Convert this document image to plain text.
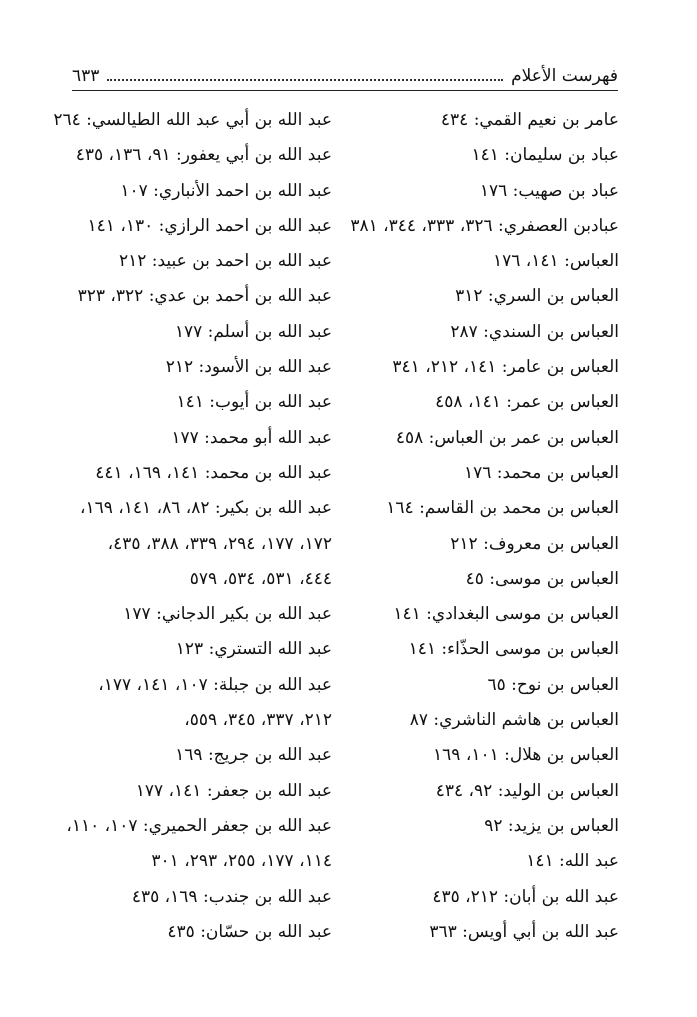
فهرست الأعلام
٦٣٣
عامر بن نعيم القمي: ٤٣٤
عباد بن سليمان: ١٤١
عباد بن صهيب: ١٧٦
عبادبن العصفري: ٣٢٦، ٣٣٣، ٣٤٤، ٣٨١
العباس: ١٤١، ١٧٦
العباس بن السري: ٣١٢
العباس بن السندي: ٢٨٧
العباس بن عامر: ١٤١، ٢١٢، ٣٤١
العباس بن عمر: ١٤١، ٤٥٨
العباس بن عمر بن العباس: ٤٥٨
العباس بن محمد: ١٧٦
العباس بن محمد بن القاسم: ١٦٤
العباس بن معروف: ٢١٢
العباس بن موسى: ٤٥
العباس بن موسى البغدادي: ١٤١
العباس بن موسى الحذّاء: ١٤١
العباس بن نوح: ٦٥
العباس بن هاشم الناشري: ٨٧
العباس بن هلال: ١٠١، ١٦٩
العباس بن الوليد: ٩٢، ٤٣٤
العباس بن يزيد: ٩٢
عبد الله: ١٤١
عبد الله بن أبان: ٢١٢، ٤٣٥
عبد الله بن أبي أويس: ٣٦٣
عبد الله بن أبي عبد الله الطيالسي: ٢٦٤
عبد الله بن أبي يعفور: ٩١، ١٣٦، ٤٣٥
عبد الله بن احمد الأنباري: ١٠٧
عبد الله بن احمد الرازي: ١٣٠، ١٤١
عبد الله بن احمد بن عبيد: ٢١٢
عبد الله بن أحمد بن عدي: ٣٢٢، ٣٢٣
عبد الله بن أسلم: ١٧٧
عبد الله بن الأسود: ٢١٢
عبد الله بن أيوب: ١٤١
عبد الله أبو محمد: ١٧٧
عبد الله بن محمد: ١٤١، ١٦٩، ٤٤١
عبد الله بن بكير: ٨٢، ٨٦، ١٤١، ١٦٩،
١٧٢، ١٧٧، ٢٩٤، ٣٣٩، ٣٨٨، ٤٣٥،
٤٤٤، ٥٣١، ٥٣٤، ٥٧٩
عبد الله بن بكير الدجاني: ١٧٧
عبد الله التستري: ١٢٣
عبد الله بن جبلة: ١٠٧، ١٤١، ١٧٧،
٢١٢، ٣٣٧، ٣٤٥، ٥٥٩،
عبد الله بن جريج: ١٦٩
عبد الله بن جعفر: ١٤١، ١٧٧
عبد الله بن جعفر الحميري: ١٠٧، ١١٠،
١١٤، ١٧٧، ٢٥٥، ٢٩٣، ٣٠١
عبد الله بن جندب: ١٦٩، ٤٣٥
عبد الله بن حسّان: ٤٣٥
